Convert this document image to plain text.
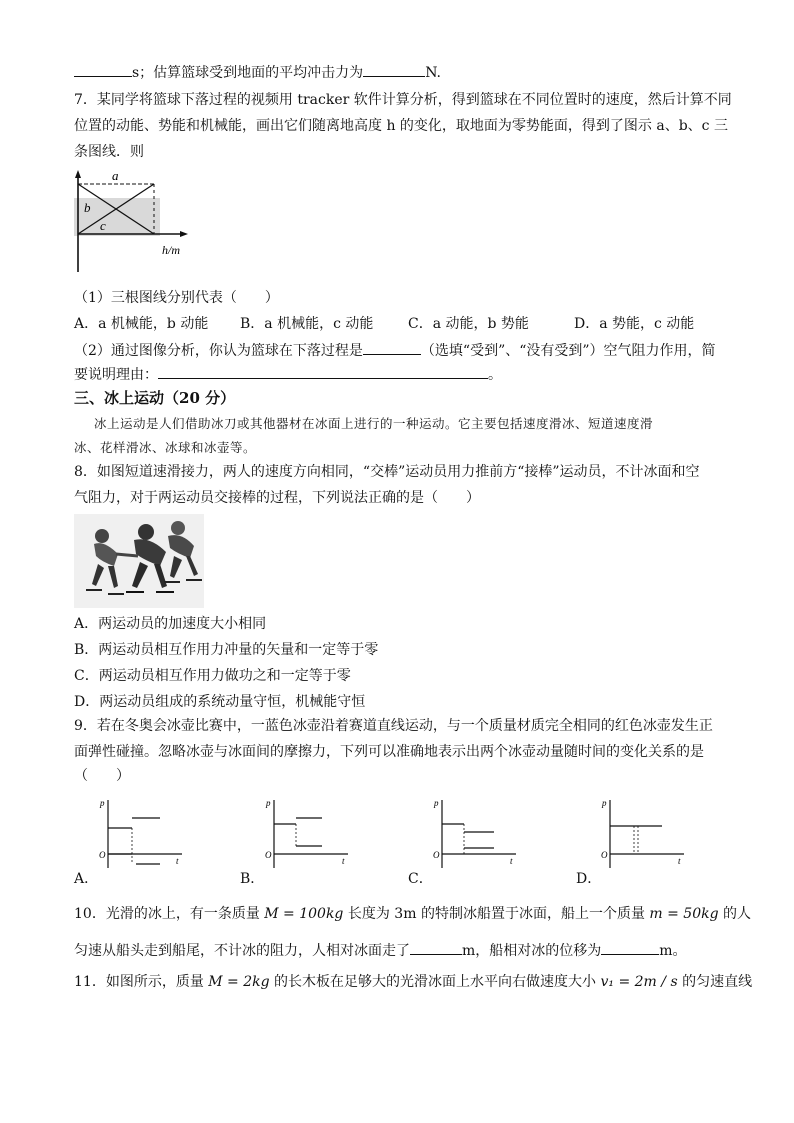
s；估算篮球受到地面的平均冲击力为	N.
7．某同学将篮球下落过程的视频用 tracker 软件计算分析，得到篮球在不同位置时的速度，然后计算不同
位置的动能、势能和机械能，画出它们随离地高度 h 的变化，取地面为零势能面，得到了图示 a、b、c 三
条图线．则
a
b
c
h/m
（1）三根图线分别代表（　　）
A．a 机械能，b 动能 B．a 机械能，c 动能 C．a 动能，b 势能	D．a 势能，c 动能
（2）通过图像分析，你认为篮球在下落过程是	（选填“受到”、“没有受到”）空气阻力作用，简
要说明理由：	。
三、冰上运动（20 分）
冰上运动是人们借助冰刀或其他器材在冰面上进行的一种运动。它主要包括速度滑冰、短道速度滑
冰、花样滑冰、冰球和冰壶等。
8．如图短道速滑接力，两人的速度方向相同，“交棒”运动员用力推前方“接棒”运动员，不计冰面和空
气阻力，对于两运动员交接棒的过程，下列说法正确的是（　　）
A．两运动员的加速度大小相同
B．两运动员相互作用力冲量的矢量和一定等于零
C．两运动员相互作用力做功之和一定等于零
D．两运动员组成的系统动量守恒，机械能守恒
9．若在冬奥会冰壶比赛中，一蓝色冰壶沿着赛道直线运动，与一个质量材质完全相同的红色冰壶发生正
面弹性碰撞。忽略冰壶与冰面间的摩擦力，下列可以准确地表示出两个冰壶动量随时间的变化关系的是
（　　）
p
O
t
A．
p
O
t
B．
p
O
t
C．
p
O
t
D．
10．光滑的冰上，有一条质量 M = 100kg 长度为 3m 的特制冰船置于冰面，船上一个质量 m = 50kg 的人
匀速从船头走到船尾，不计冰的阻力，人相对冰面走了	m，船相对冰的位移为	m。
11．如图所示，质量 M = 2kg 的长木板在足够大的光滑冰面上水平向右做速度大小 v₁ = 2m / s 的匀速直线
